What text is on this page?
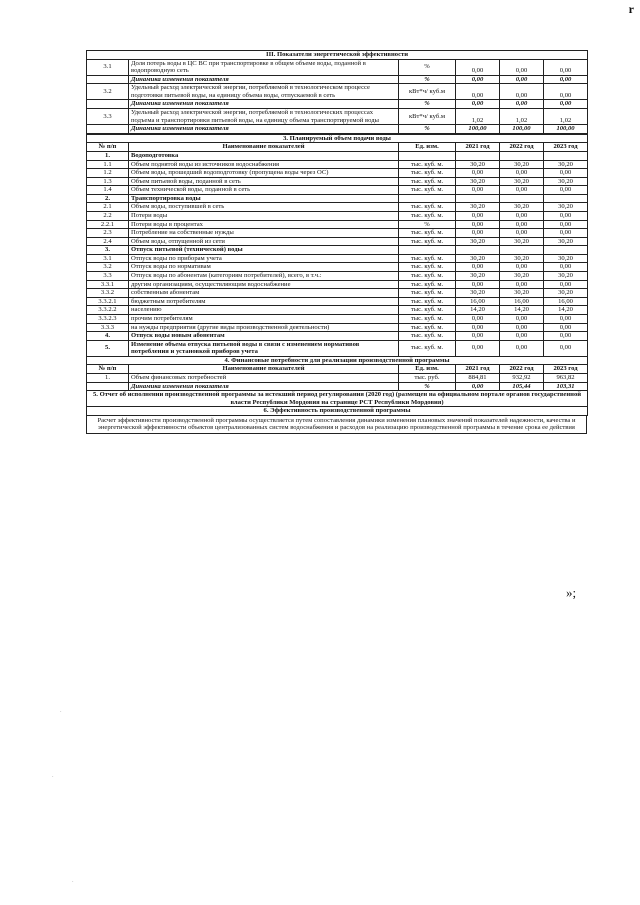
r
III. Показатели энергетической эффективности					
3.1	Доля потерь воды в ЦС ВС при транспортировке в общем объеме воды, поданной в водопроводную сеть	%	0,00	0,00	0,00
	Динамика изменения показателя	%	0,00	0,00	0,00
3.2	Удельный расход электрической энергии, потребляемой в технологическом процессе подготовки питьевой воды, на единицу объема воды, отпускаемой в сеть	кВт*ч/ куб.м	0,00	0,00	0,00
	Динамика изменения показателя	%	0,00	0,00	0,00
3.3	Удельный расход электрической энергии, потребляемой в технологических процессах подъема и транспортировки питьевой воды, на единицу объема транспортируемой воды	кВт*ч/ куб.м	1,02	1,02	1,02
	Динамика изменения показателя	%	100,00	100,00	100,00
3. Планируемый объем подачи воды					
№ п/п	Наименование показателей	Ед. изм.	2021 год	2022 год	2023 год
1.	Водоподготовка				
1.1	Объем поднятой воды из источников водоснабжения	тыс. куб. м.	30,20	30,20	30,20
1.2	Объем воды, прошедший водоподготовку (пропущена воды через ОС)	тыс. куб. м.	0,00	0,00	0,00
1.3	Объем питьевой воды, поданной в сеть	тыс. куб. м.	30,20	30,20	30,20
1.4	Объем технической воды, поданной в сеть	тыс. куб. м.	0,00	0,00	0,00
2.	Транспортировка воды				
2.1	Объем воды, поступившей в сеть	тыс. куб. м.	30,20	30,20	30,20
2.2	Потери воды	тыс. куб. м.	0,00	0,00	0,00
2.2.1	Потери воды в процентах	%	0,00	0,00	0,00
2.3	Потребление на собственные нужды	тыс. куб. м.	0,00	0,00	0,00
2.4	Объем воды, отпущенной из сети	тыс. куб. м.	30,20	30,20	30,20
3.	Отпуск питьевой (технической) воды				
3.1	Отпуск воды по приборам учета	тыс. куб. м.	30,20	30,20	30,20
3.2	Отпуск воды по нормативам	тыс. куб. м.	0,00	0,00	0,00
3.3	Отпуск воды по абонентам (категориям потребителей), всего, в т.ч.:	тыс. куб. м.	30,20	30,20	30,20
3.3.1	другим организациям, осуществляющим водоснабжение	тыс. куб. м.	0,00	0,00	0,00
3.3.2	собственным абонентам	тыс. куб. м.	30,20	30,20	30,20
3.3.2.1	бюджетным потребителям	тыс. куб. м.	16,00	16,00	16,00
3.3.2.2	населению	тыс. куб. м.	14,20	14,20	14,20
3.3.2.3	прочим потребителям	тыс. куб. м.	0,00	0,00	0,00
3.3.3	на нужды предприятия (другие виды производственной деятельности)	тыс. куб. м.	0,00	0,00	0,00
4.	Отпуск воды новым абонентам	тыс. куб. м.	0,00	0,00	0,00
5.	Изменение объема отпуска питьевой воды в связи с изменением нормативов потребления и установкой приборов учета	тыс. куб. м.	0,00	0,00	0,00
4. Финансовые потребности для реализации производственной программы					
№ п/п	Наименование показателей	Ед. изм.	2021 год	2022 год	2023 год
1.	Объем финансовых потребностей	тыс. руб.	884,81	932,92	963,82
	Динамика изменения показателя	%	0,00	105,44	103,31
5. Отчет об исполнении производственной программы за истекший период регулирования (2020 год) (размещен на официальном портале органов государственной власти Республики Мордовия на странице РСТ Республики Мордовия)					
6. Эффективность производственной программы					
Расчет эффективности производственной программы осуществляется путем сопоставления динамики изменения плановых значений показателей надежности, качества и энергетической эффективности объектов централизованных систем водоснабжения и расходов на реализацию производственной программы в течение срока ее действия
»;
·
·
·
